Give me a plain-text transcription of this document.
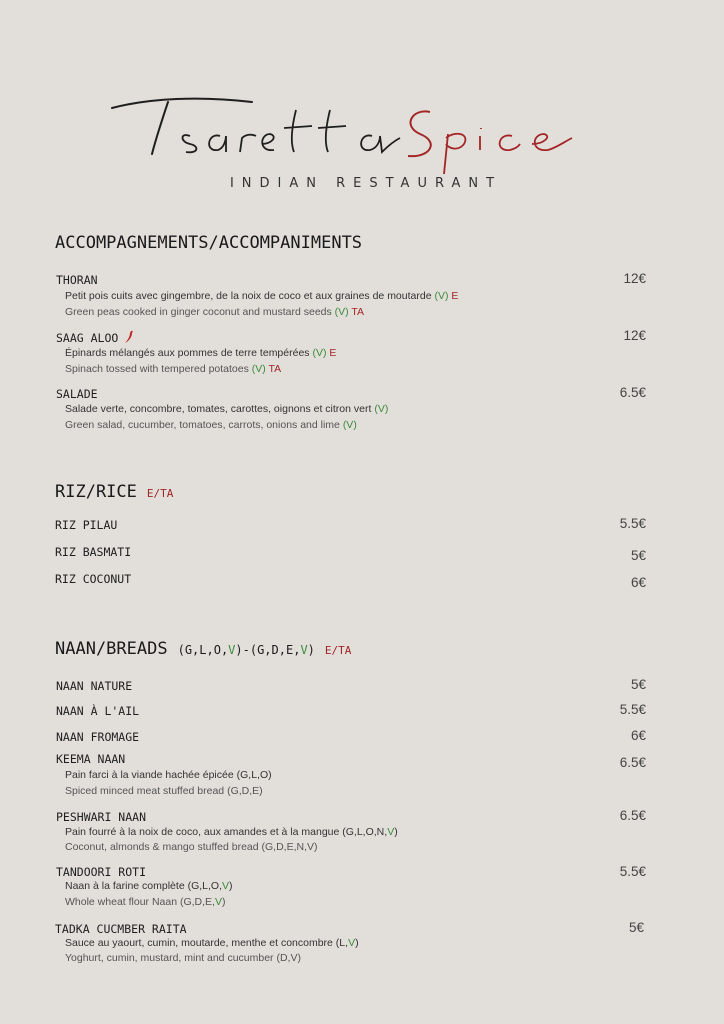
INDIAN RESTAURANT
ACCOMPAGNEMENTS/ACCOMPANIMENTS
THORAN	12€
Petit pois cuits avec gingembre, de la noix de coco et aux graines de moutarde (V) E
Green peas cooked in ginger coconut and mustard seeds (V) TA
SAAG ALOO	12€
Épinards mélangés aux pommes de terre tempérées (V) E
Spinach tossed with tempered potatoes (V) TA
SALADE	6.5€
Salade verte, concombre, tomates, carottes, oignons et citron vert (V)
Green salad, cucumber, tomatoes, carrots, onions and lime (V)
RIZ/RICE E/TA
RIZ PILAU	5.5€
RIZ BASMATI	5€
RIZ COCONUT	6€
NAAN/BREADS (G,L,O,V)-(G,D,E,V) E/TA
NAAN NATURE	5€
NAAN À L'AIL	5.5€
NAAN FROMAGE	6€
KEEMA NAAN	6.5€
Pain farci à la viande hachée épicée (G,L,O)
Spiced minced meat stuffed bread (G,D,E)
PESHWARI NAAN	6.5€
Pain fourré à la noix de coco, aux amandes et à la mangue (G,L,O,N,V)
Coconut, almonds & mango stuffed bread (G,D,E,N,V)
TANDOORI ROTI	5.5€
Naan à la farine complète (G,L,O,V)
Whole wheat flour Naan (G,D,E,V)
TADKA CUCMBER RAITA	5€
Sauce au yaourt, cumin, moutarde, menthe et concombre (L,V)
Yoghurt, cumin, mustard, mint and cucumber (D,V)
